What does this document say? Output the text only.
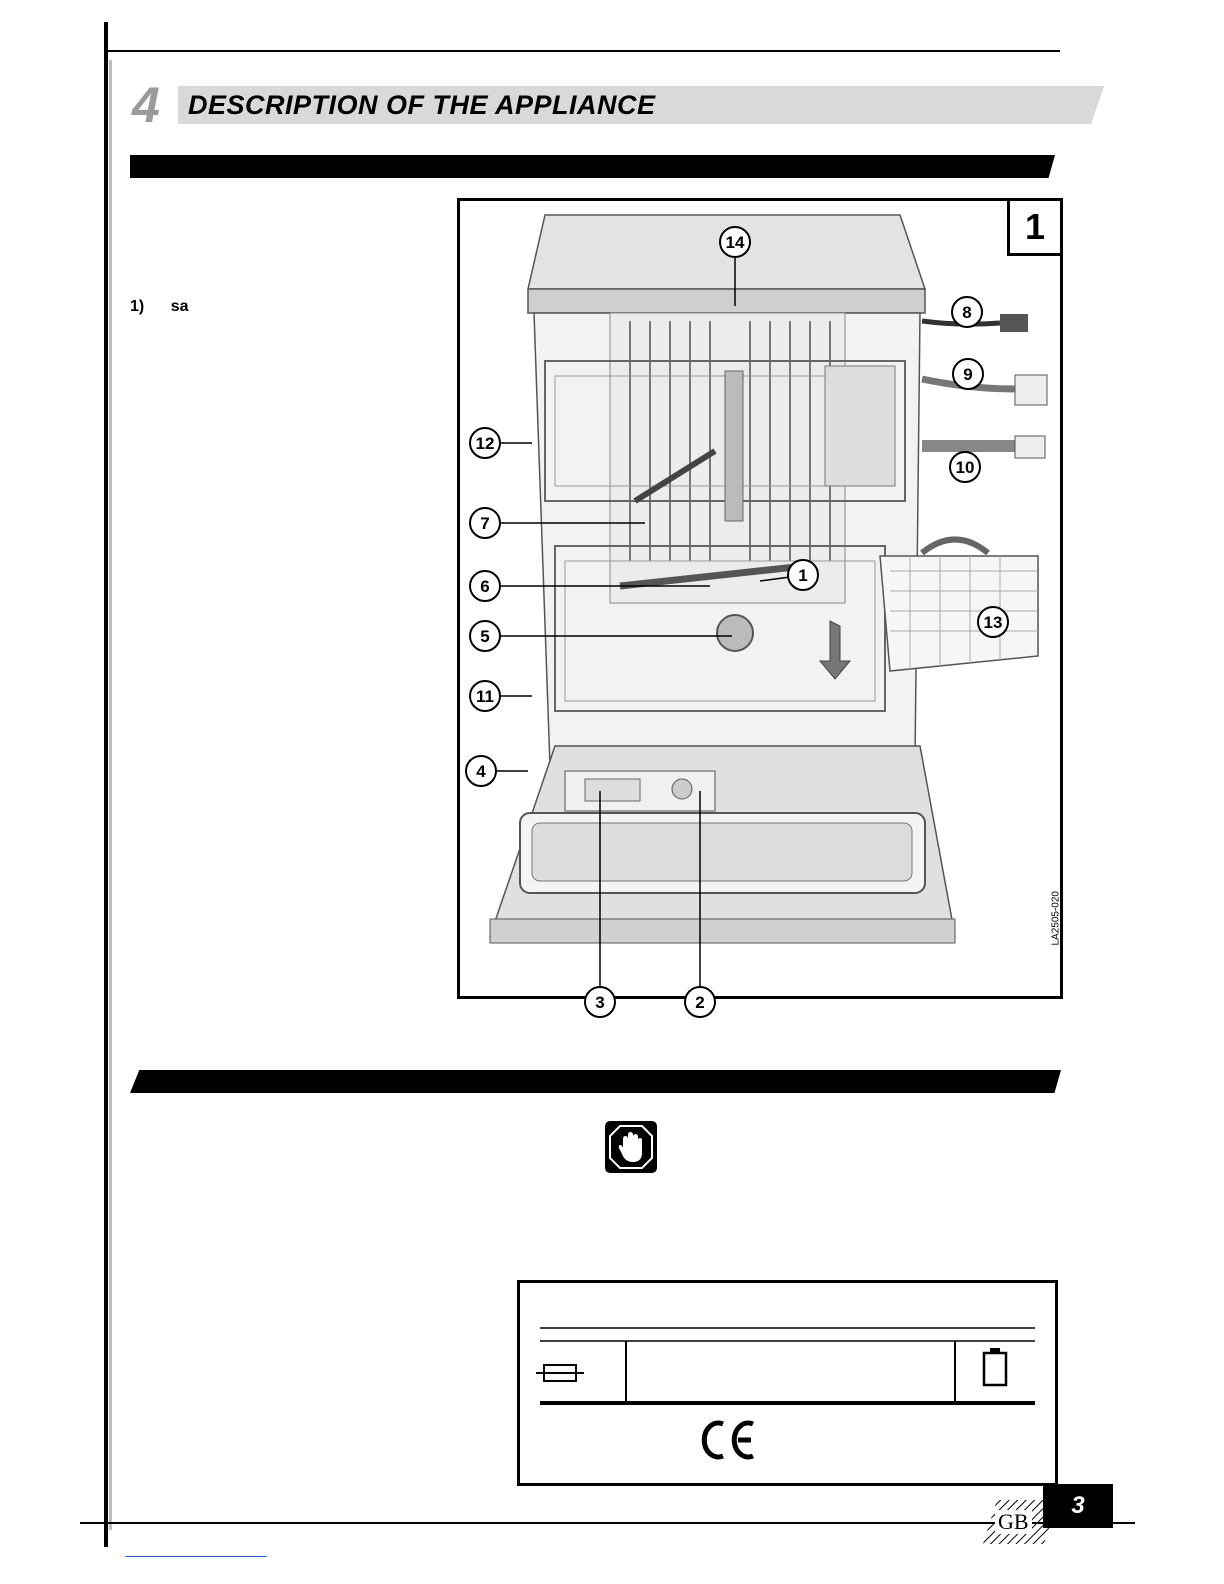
4 DESCRIPTION OF THE APPLIANCE
1) sa
1
LA2505-020
14
8
9
12
10
7
1
6
13
5
11
4
3	2
GB
3
